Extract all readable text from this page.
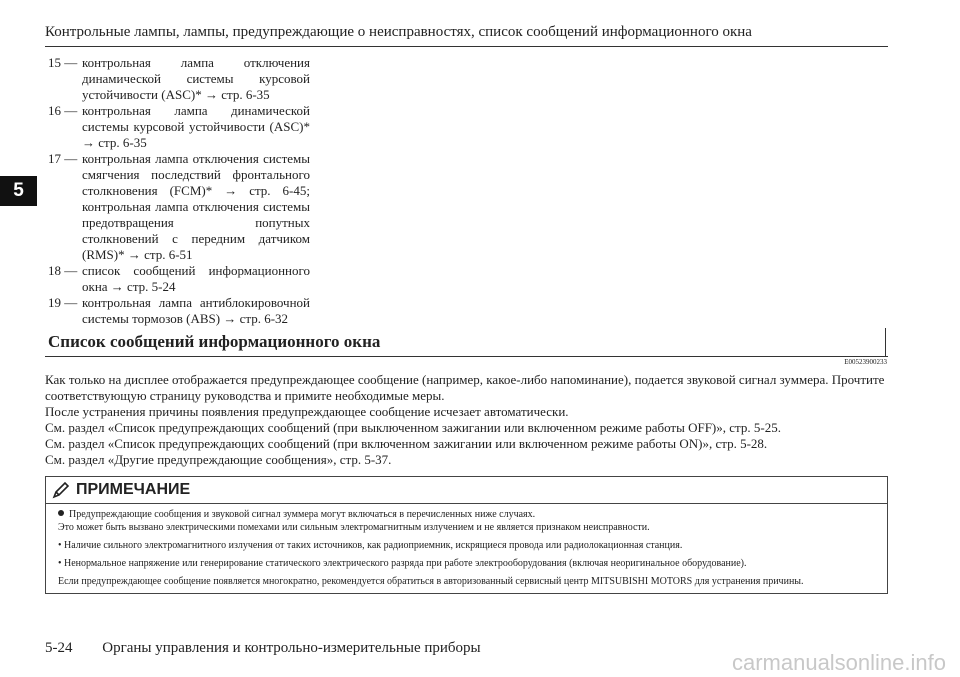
Контрольные лампы, лампы, предупреждающие о неисправностях, список сообщений информационного окна
5
15 — контрольная лампа отключения динамической системы курсовой устойчивости (ASC)* → стр. 6-35
16 — контрольная лампа динамической системы курсовой устойчивости (ASC)* → стр. 6-35
17 — контрольная лампа отключения системы смягчения последствий фронтального столкновения (FCM)* → стр. 6-45; контрольная лампа отключения системы предотвращения попутных столкновений с передним датчиком (RMS)* → стр. 6-51
18 — список сообщений информационного окна → стр. 5-24
19 — контрольная лампа антиблокировочной системы тормозов (ABS) → стр. 6-32
Список сообщений информационного окна
E00523900233

Как только на дисплее отображается предупреждающее сообщение (например, какое-либо напоминание), подается звуковой сигнал зуммера. Прочтите соответствующую страницу руководства и примите необходимые меры.

После устранения причины появления предупреждающее сообщение исчезает автоматически.

См. раздел «Список предупреждающих сообщений (при выключенном зажигании или включенном режиме работы OFF)», стр. 5-25.

См. раздел «Список предупреждающих сообщений (при включенном зажигании или включенном режиме работы ON)», стр. 5-28.

См. раздел «Другие предупреждающие сообщения», стр. 5-37.

ПРИМЕЧАНИЕ

Предупреждающие сообщения и звуковой сигнал зуммера могут включаться в перечисленных ниже случаях.

Это может быть вызвано электрическими помехами или сильным электромагнитным излучением и не является признаком неисправности.

• Наличие сильного электромагнитного излучения от таких источников, как радиоприемник, искрящиеся провода или радиолокационная станция.

• Ненормальное напряжение или генерирование статического электрического разряда при работе электрооборудования (включая неоригинальное оборудование).

Если предупреждающее сообщение появляется многократно, рекомендуется обратиться в авторизованный сервисный центр MITSUBISHI MOTORS для устранения причины.

5-24 Органы управления и контрольно-измерительные приборы
carmanualsonline.info
